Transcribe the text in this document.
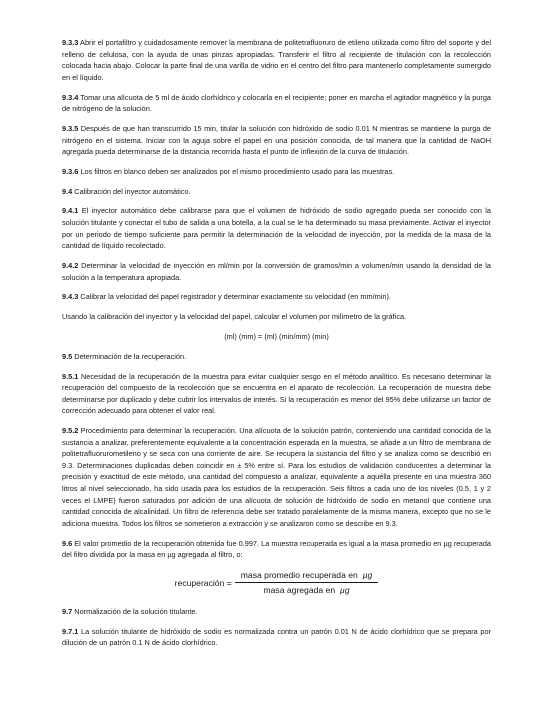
9.3.3 Abrir el portafiltro y cuidadosamente remover la membrana de politetrafluoruro de etileno utilizada como filtro del soporte y del relleno de celulosa, con la ayuda de unas pinzas apropiadas. Transferir el filtro al recipiente de titulación con la recolección colocada hacia abajo. Colocar la parte final de una varilla de vidrio en el centro del filtro para mantenerlo completamente sumergido en el líquido.

9.3.4 Tomar una alícuota de 5 ml de ácido clorhídrico y colocarla en el recipiente; poner en marcha el agitador magnético y la purga de nitrógeno de la solución.

9.3.5 Después de que han transcurrido 15 min, titular la solución con hidróxido de sodio 0.01 N mientras se mantiene la purga de nitrógeno en el sistema. Iniciar con la aguja sobre el papel en una posición conocida, de tal manera que la cantidad de NaOH agregada pueda determinarse de la distancia recorrida hasta el punto de inflexión de la curva de titulación.

9.3.6 Los filtros en blanco deben ser analizados por el mismo procedimiento usado para las muestras.

9.4 Calibración del inyector automático.

9.4.1 El inyector automático debe calibrarse para que el volumen de hidróxido de sodio agregado pueda ser conocido con la solución titulante y conectar el tubo de salida a una botella, a la cual se le ha determinado su masa previamente. Activar el inyector por un periodo de tiempo suficiente para permitir la determinación de la velocidad de inyección, por la medida de la masa de la cantidad de líquido recolectado.

9.4.2 Determinar la velocidad de inyección en ml/min por la conversión de gramos/min a volumen/min usando la densidad de la solución a la temperatura apropiada.

9.4.3 Calibrar la velocidad del papel registrador y determinar exactamente su velocidad (en mm/min).

Usando la calibración del inyector y la velocidad del papel, calcular el volumen por milímetro de la gráfica.

(ml) (mm) = (ml) (min/mm) (min)

9.5 Determinación de la recuperación.

9.5.1 Necesidad de la recuperación de la muestra para evitar cualquier sesgo en el método analítico. Es necesario determinar la recuperación del compuesto de la recolección que se encuentra en el aparato de recolección. La recuperación de muestra debe determinarse por duplicado y debe cubrir los intervalos de interés. Si la recuperación es menor del 95% debe utilizarse un factor de corrección adecuado para obtener el valor real.

9.5.2 Procedimiento para determinar la recuperación. Una alícuota de la solución patrón, conteniendo una cantidad conocida de la sustancia a analizar, preferentemente equivalente a la concentración esperada en la muestra, se añade a un filtro de membrana de politetrafluorurometileno y se seca con una corriente de aire. Se recupera la sustancia del filtro y se analiza como se describió en 9.3. Determinaciones duplicadas deben coincidir en ± 5% entre sí. Para los estudios de validación conducentes a determinar la precisión y exactitud de este método, una cantidad del compuesto a analizar, equivalente a aquélla presente en una muestra 360 litros al nivel seleccionado, ha sido usada para los estudios de la recuperación. Seis filtros a cada uno de los niveles (0.5, 1 y 2 veces el LMPE) fueron saturados por adición de una alícuota de solución de hidróxido de sodio en metanol que contiene una cantidad conocida de alcalinidad. Un filtro de referencia debe ser tratado paralelamente de la misma manera, excepto que no se le adiciona muestra. Todos los filtros se sometieron a extracción y se analizaron como se describe en 9.3.

9.6 El valor promedio de la recuperación obtenida fue 0.997. La muestra recuperada es igual a la masa promedio en µg recuperada del filtro dividida por la masa en µg agregada al filtro, o:

recuperación = $\frac{\text{masa promedio recuperada en µg}}{\text{masa agregada en µg}}$

9.7 Normalización de la solución titulante.

9.7.1 La solución titulante de hidróxido de sodio es normalizada contra un patrón 0.01 N de ácido clorhídrico que se prepara por dilución de un patrón 0.1 N de ácido clorhídrico.
